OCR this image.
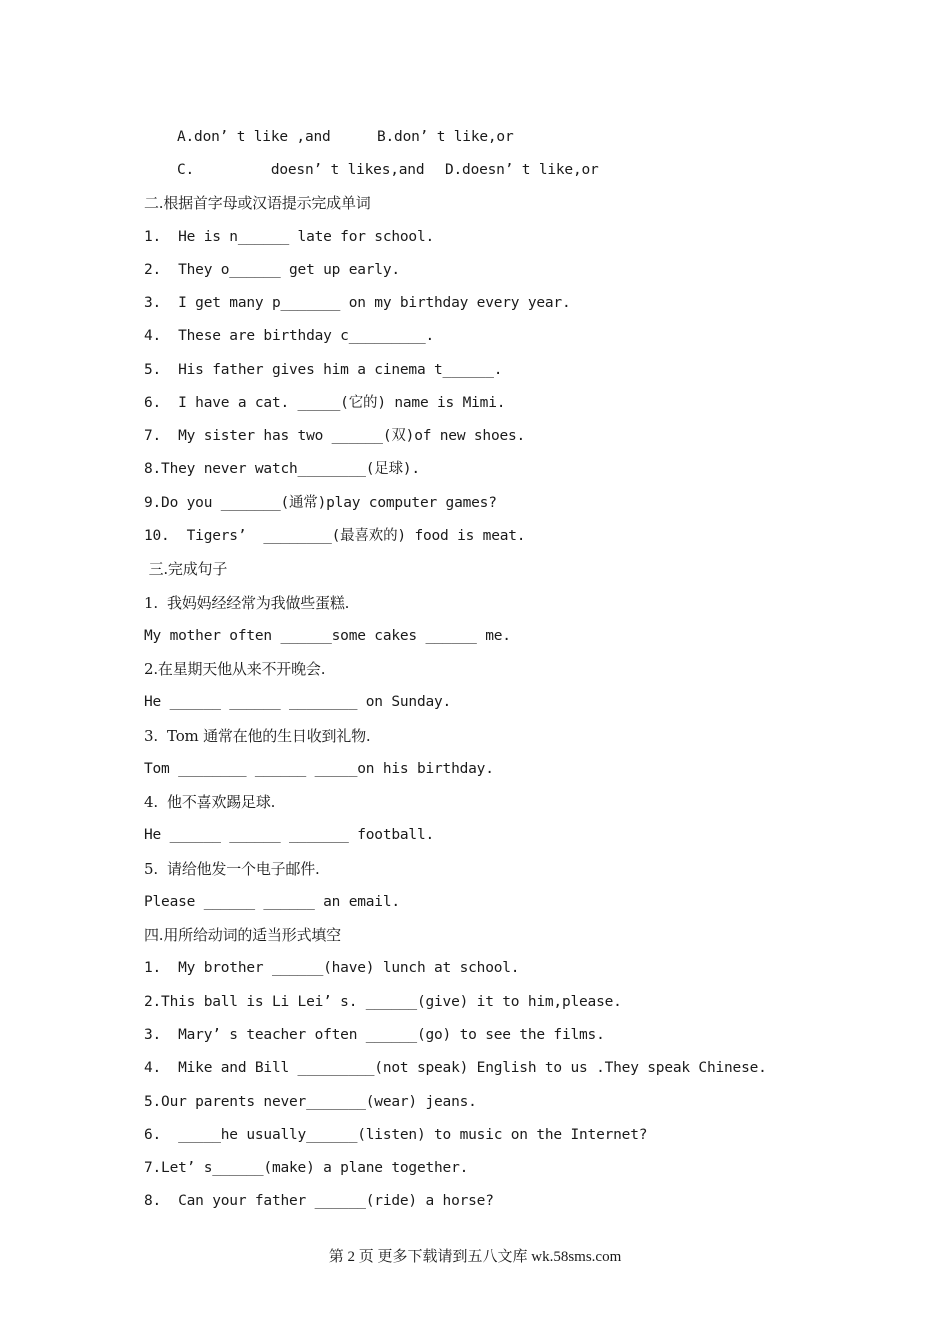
A.don’ t like ,and	B.don’ t like,or
C.         doesn’ t likes,and D.doesn’ t like,or
二.根据首字母或汉语提示完成单词
1.  He is n______ late for school.
2.  They o______ get up early.
3.  I get many p_______ on my birthday every year.
4.  These are birthday c_________.
5.  His father gives him a cinema t______.
6.  I have a cat. _____(它的) name is Mimi.
7.  My sister has two ______(双)of new shoes.
8.They never watch________(足球).
9.Do you _______(通常)play computer games?
10.  Tigers’  ________(最喜欢的) food is meat.
三.完成句子
1.  我妈妈经经常为我做些蛋糕.
My mother often ______some cakes ______ me.
2.在星期天他从来不开晚会.
He ______ ______ ________ on Sunday.
3.  Tom 通常在他的生日收到礼物.
Tom ________ ______ _____on his birthday.
4.  他不喜欢踢足球.
He ______ ______ _______ football.
5.  请给他发一个电子邮件.
Please ______ ______ an email.
四.用所给动词的适当形式填空
1.  My brother ______(have) lunch at school.
2.This ball is Li Lei’ s. ______(give) it to him,please.
3.  Mary’ s teacher often ______(go) to see the films.
4.  Mike and Bill _________(not speak) English to us .They speak Chinese.
5.Our parents never_______(wear) jeans.
6.  _____he usually______(listen) to music on the Internet?
7.Let’ s______(make) a plane together.
8.  Can your father ______(ride) a horse?
第 2 页 更多下载请到五八文库 wk.58sms.com
